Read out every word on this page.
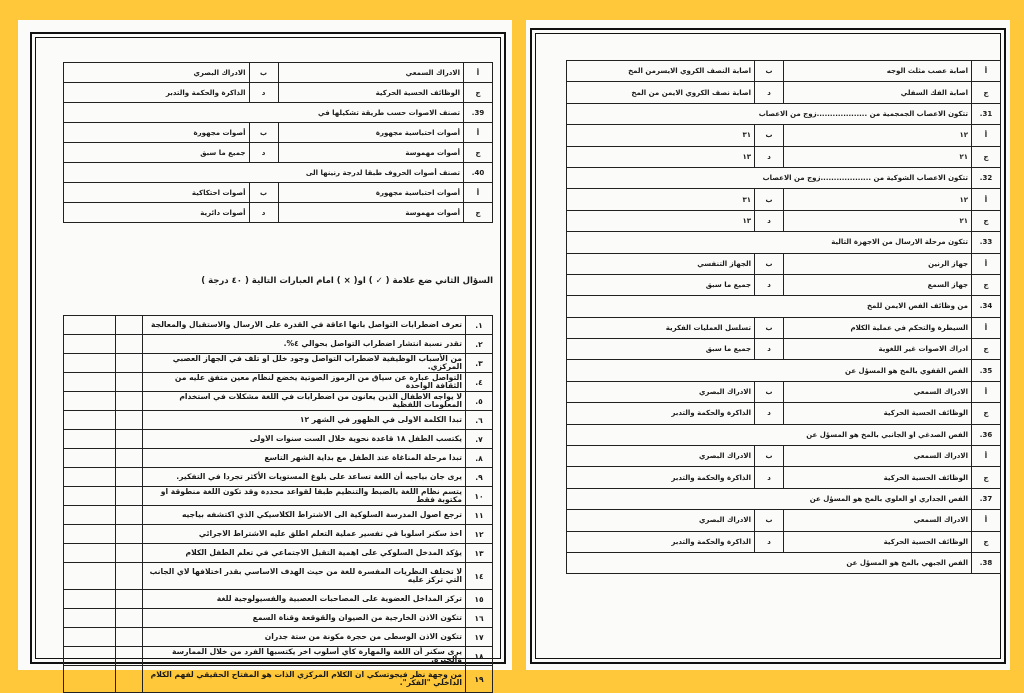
أ	الادراك السمعي	ب	الادراك البصري
ج	الوظائف الحسية الحركية	د	الذاكرة والحكمة والتدبر
39.	تصنف الاصوات حسب طريقة تشكيلها في		
أ	أصوات احتباسية مجهورة	ب	أصوات مجهورة
ج	أصوات مهموسة	د	جميع ما سبق
40.	تصنف أصوات الحروف طبقا لدرجة رنينها الى		
أ	أصوات احتباسية مجهورة	ب	أصوات احتكاكية
ج	أصوات مهموسة	د	أصوات دائرية
السؤال الثاني ضع علامة ( ✓ ) او( × ) امام العبارات التالية ( ٤٠ درجة )
١.	تعرف اضطرابات التواصل بانها اعاقة في القدرة على الارسال والاستقبال والمعالجة		
٢.	تقدر نسبة انتشار اضطراب التواصل بحوالي ٤%.		
٣.	من الأسباب الوظيفية لاضطراب التواصل وجود خلل او تلف في الجهاز العصبي المركزي.		
٤.	التواصل عبارة عن سياق من الرموز الصوتية يخضع لنظام معين متفق عليه من الثقافة الواحدة		
٥.	لا يواجه الاطفال الذين يعانون من اضطرابات في اللغة مشكلات في استخدام المعلومات اللفظية		
٦.	تبدا الكلمة الاولى في الظهور في الشهر ١٢		
٧.	يكتسب الطفل ١٨ قاعدة نحوية خلال الست سنوات الاولى		
٨.	تبدا مرحلة المناغاة عند الطفل مع بداية الشهر التاسع		
٩.	يرى جان بياجيه أن اللغة تساعد على بلوغ المستويات الأكثر تجردا في التفكير.		
١٠	يتسم نظام اللغة بالضبط والتنظيم طبقا لقواعد محددة وقد تكون اللغة منطوقة او مكتوبة فقط		
١١	ترجع اصول المدرسة السلوكية الى الاشتراط الكلاسيكي الذي اكتشفه بياجيه		
١٢	اخذ سكنر اسلوبا في تفسير عملية التعلم اطلق عليه الاشتراط الاجرائي		
١٣	يؤكد المدخل السلوكي على اهمية التقبل الاجتماعي في تعلم الطفل الكلام		
١٤	لا تختلف النظريات المفسرة للغة من حيث الهدف الاساسي بقدر اختلافها لاي الجانب التي تركز عليه		
١٥	تركز المداخل العضوية على المصاحبات العصبية والفسيولوجية للغة		
١٦	تتكون الاذن الخارجية من الصيوان والقوقعة وقناة السمع		
١٧	تتكون الاذن الوسطى من حجرة مكونة من ستة جدران		
١٨	يرى سكنر أن اللغة والمهارة كأي أسلوب اخر يكتسبها الفرد من خلال الممارسة والخبرة.		
١٩	من وجهة نظر فيجوتسكي ان الكلام المركزي الذات هو المفتاح الحقيقي لفهم الكلام الداخلي "الفكر".		
أ	اصابة عصب مثلث الوجه	ب	اصابة النصف الكروي الايسرمن المخ
ج	اصابة الفك السفلي	د	اصابة نصف الكروي الايمن من المخ
31.	تتكون الاعصاب الجمجمية من ...................زوج من الاعصاب		
أ	١٢	ب	٣١
ج	٢١	د	١٣
32.	تتكون الاعصاب الشوكية من ...................زوج من الاعصاب		
أ	١٢	ب	٣١
ج	٢١	د	١٣
33.	تتكون مرحلة الارسال من الاجهزة التالية		
أ	جهاز الرنين	ب	الجهاز التنفسي
ج	جهاز السمع	د	جميع ما سبق
34.	من وظائف الفص الايمن للمخ		
أ	السيطرة والتحكم في عملية الكلام	ب	تسلسل العمليات الفكرية
ج	ادراك الاصوات غير اللغوية	د	جميع ما سبق
35.	الفص القفوي بالمخ هو المسؤل عن		
أ	الادراك السمعي	ب	الادراك البصري
ج	الوظائف الحسية الحركية	د	الذاكرة والحكمة والتدبر
36.	الفص الصدغي او الجانبي بالمخ هو المسؤل عن		
أ	الادراك السمعي	ب	الادراك البصري
ج	الوظائف الحسية الحركية	د	الذاكرة والحكمة والتدبر
37.	الفص الجداري او العلوي بالمخ هو المسؤل عن		
أ	الادراك السمعي	ب	الادراك البصري
ج	الوظائف الحسية الحركية	د	الذاكرة والحكمة والتدبر
38.	الفص الجبهي بالمخ هو المسؤل عن		
